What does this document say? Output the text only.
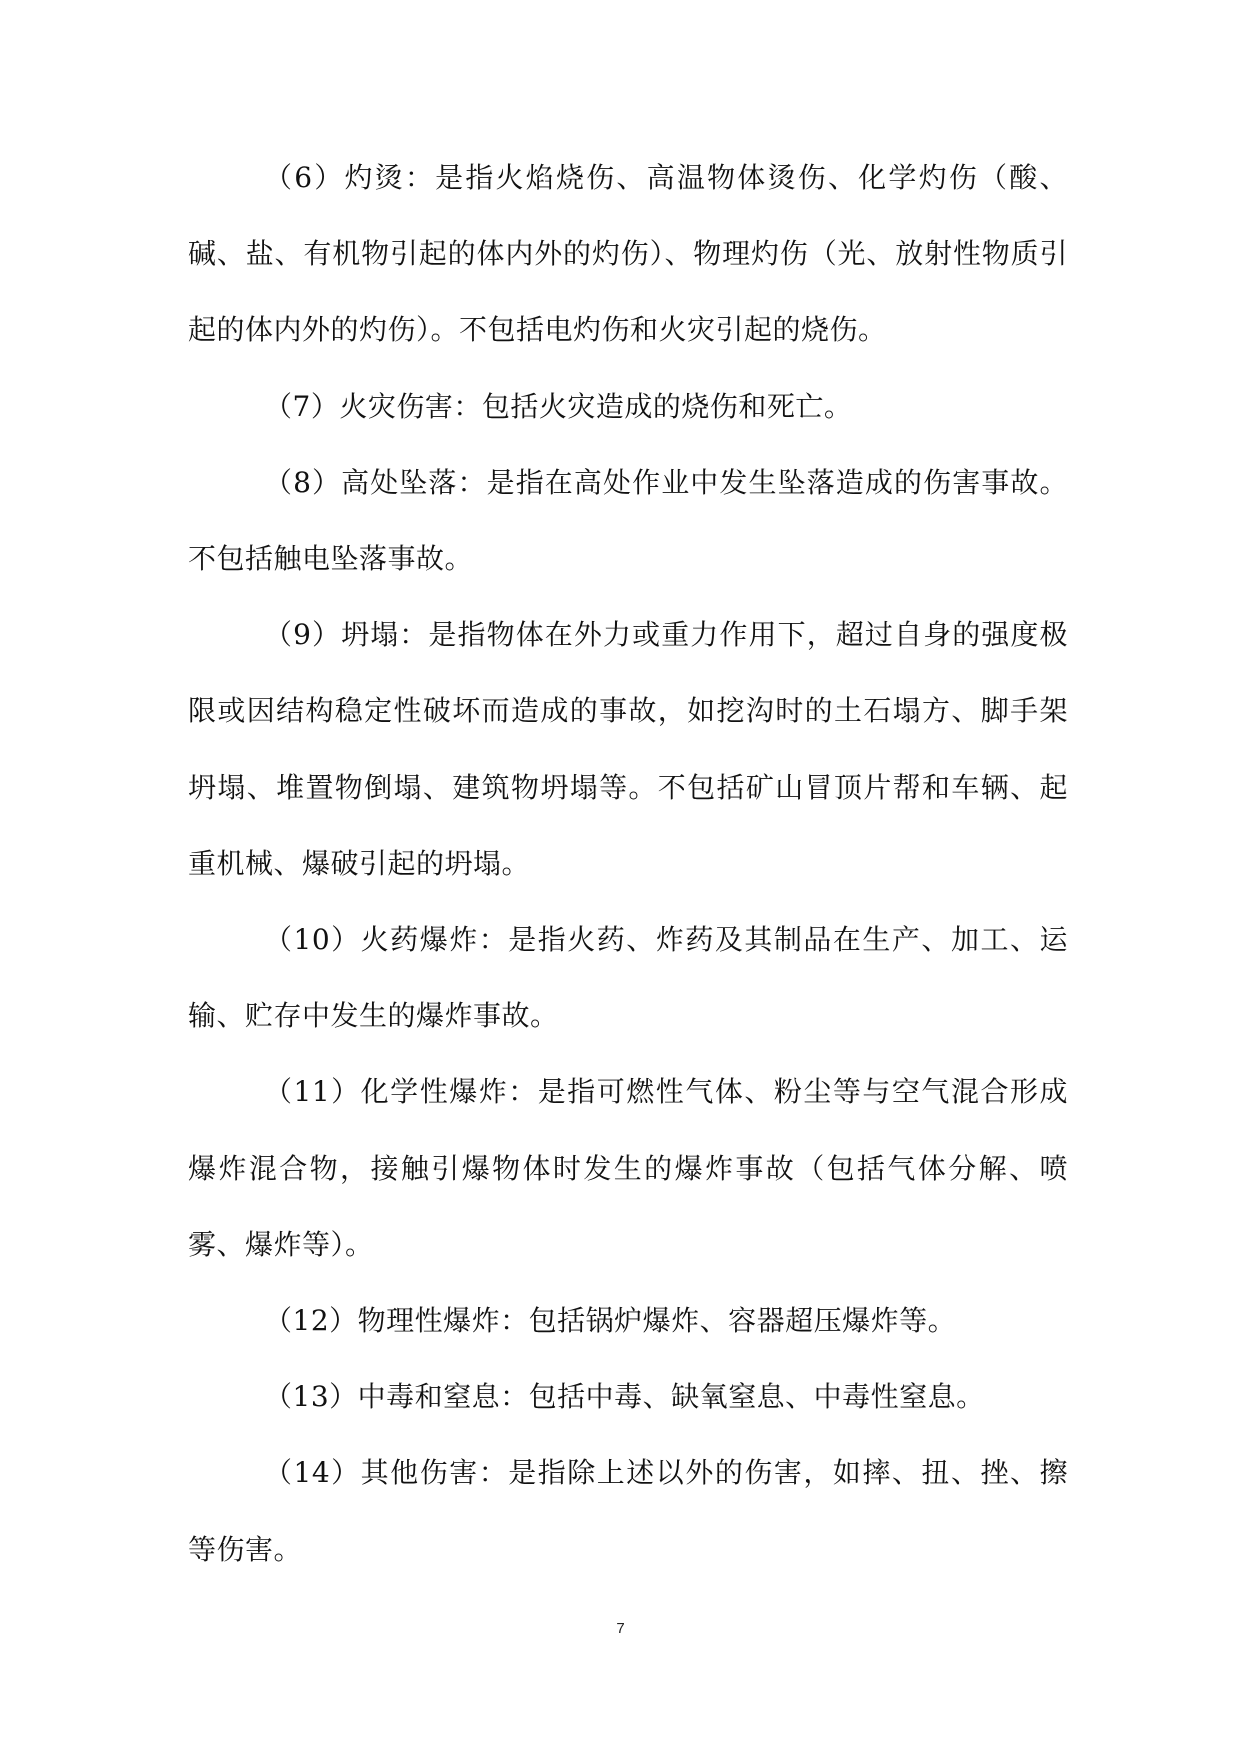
（6）灼烫：是指火焰烧伤、高温物体烫伤、化学灼伤（酸、碱、盐、有机物引起的体内外的灼伤）、物理灼伤（光、放射性物质引起的体内外的灼伤）。不包括电灼伤和火灾引起的烧伤。

（7）火灾伤害：包括火灾造成的烧伤和死亡。

（8）高处坠落：是指在高处作业中发生坠落造成的伤害事故。不包括触电坠落事故。

（9）坍塌：是指物体在外力或重力作用下，超过自身的强度极限或因结构稳定性破坏而造成的事故，如挖沟时的土石塌方、脚手架坍塌、堆置物倒塌、建筑物坍塌等。不包括矿山冒顶片帮和车辆、起重机械、爆破引起的坍塌。

（10）火药爆炸：是指火药、炸药及其制品在生产、加工、运输、贮存中发生的爆炸事故。

（11）化学性爆炸：是指可燃性气体、粉尘等与空气混合形成爆炸混合物，接触引爆物体时发生的爆炸事故（包括气体分解、喷雾、爆炸等）。

（12）物理性爆炸：包括锅炉爆炸、容器超压爆炸等。

（13）中毒和窒息：包括中毒、缺氧窒息、中毒性窒息。

（14）其他伤害：是指除上述以外的伤害，如摔、扭、挫、擦等伤害。

7
